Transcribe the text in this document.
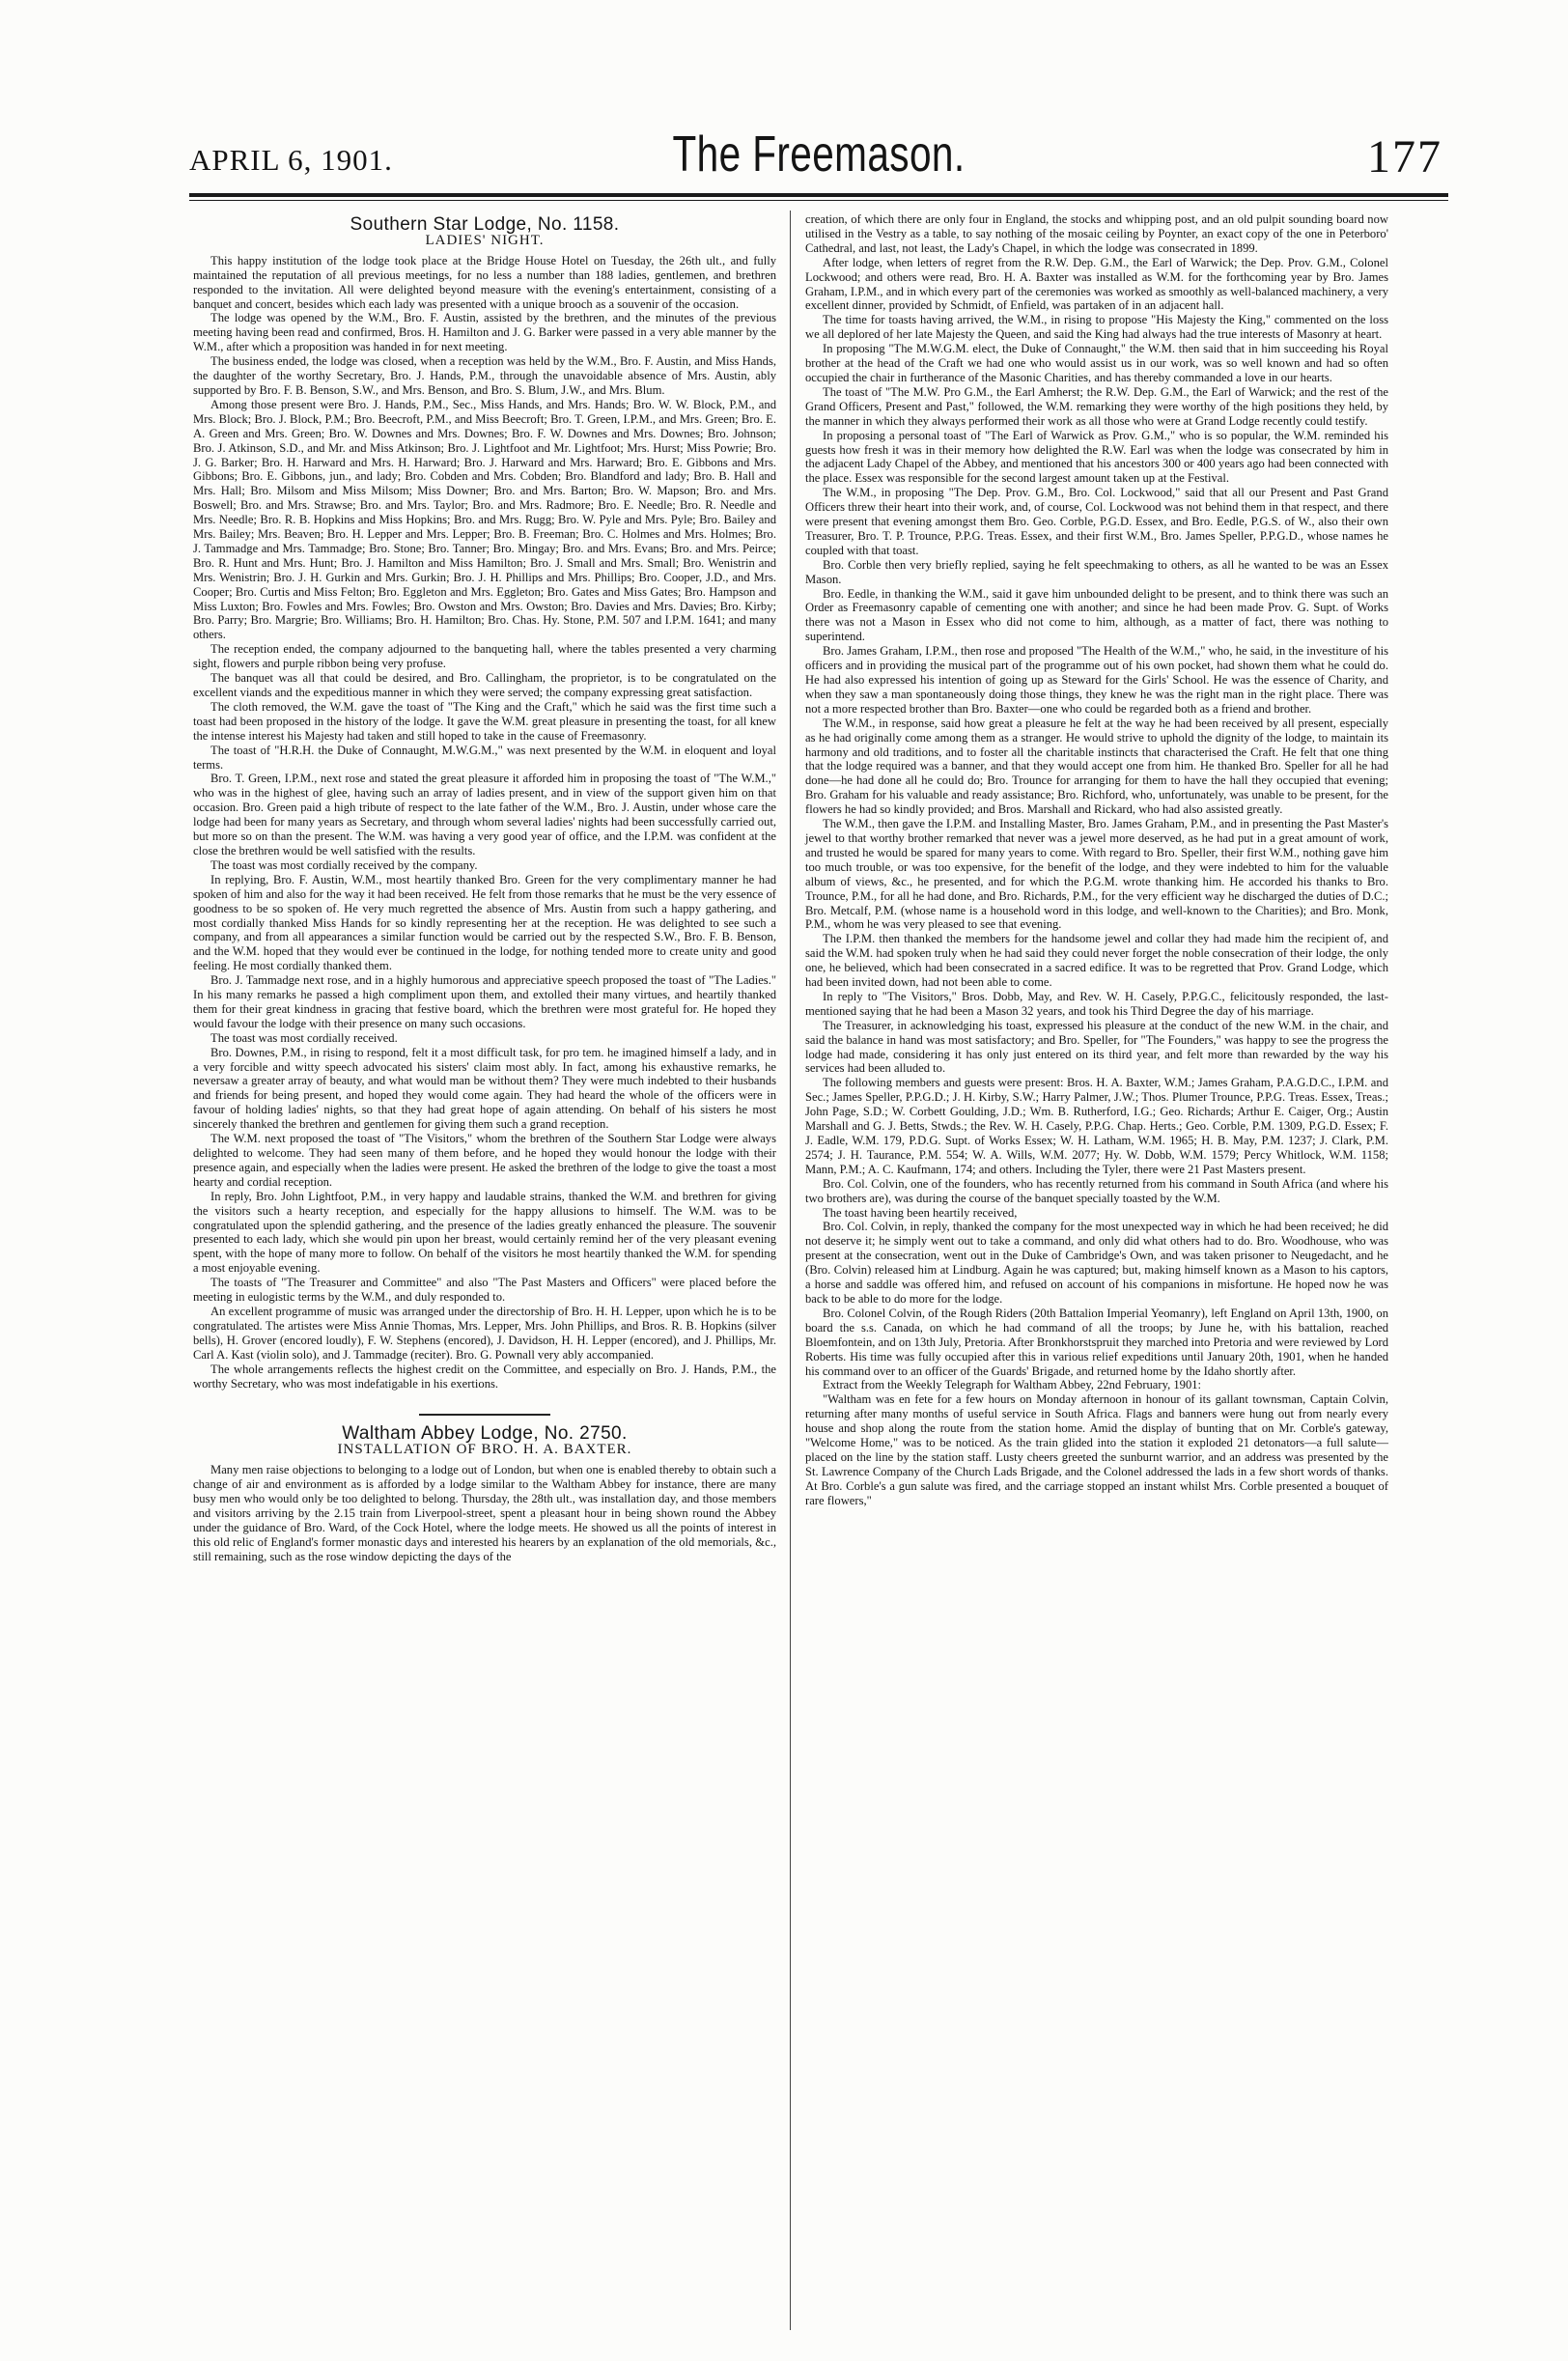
APRIL 6, 1901.	The Freemason.	177
Southern Star Lodge, No. 1158.
LADIES' NIGHT.

This happy institution of the lodge took place at the Bridge House Hotel on Tuesday, the 26th ult., and fully maintained the reputation of all previous meetings, for no less a number than 188 ladies, gentlemen, and brethren responded to the invitation. All were delighted beyond measure with the evening's entertainment, consisting of a banquet and concert, besides which each lady was presented with a unique brooch as a souvenir of the occasion.

The lodge was opened by the W.M., Bro. F. Austin, assisted by the brethren, and the minutes of the previous meeting having been read and confirmed, Bros. H. Hamilton and J. G. Barker were passed in a very able manner by the W.M., after which a proposition was handed in for next meeting.

The business ended, the lodge was closed, when a reception was held by the W.M., Bro. F. Austin, and Miss Hands, the daughter of the worthy Secretary, Bro. J. Hands, P.M., through the unavoidable absence of Mrs. Austin, ably supported by Bro. F. B. Benson, S.W., and Mrs. Benson, and Bro. S. Blum, J.W., and Mrs. Blum.

Among those present were Bro. J. Hands, P.M., Sec., Miss Hands, and Mrs. Hands; Bro. W. W. Block, P.M., and Mrs. Block; Bro. J. Block, P.M.; Bro. Beecroft, P.M., and Miss Beecroft; Bro. T. Green, I.P.M., and Mrs. Green; Bro. E. A. Green and Mrs. Green; Bro. W. Downes and Mrs. Downes; Bro. F. W. Downes and Mrs. Downes; Bro. Johnson; Bro. J. Atkinson, S.D., and Mr. and Miss Atkinson; Bro. J. Lightfoot and Mr. Lightfoot; Mrs. Hurst; Miss Powrie; Bro. J. G. Barker; Bro. H. Harward and Mrs. H. Harward; Bro. J. Harward and Mrs. Harward; Bro. E. Gibbons and Mrs. Gibbons; Bro. E. Gibbons, jun., and lady; Bro. Cobden and Mrs. Cobden; Bro. Blandford and lady; Bro. B. Hall and Mrs. Hall; Bro. Milsom and Miss Milsom; Miss Downer; Bro. and Mrs. Barton; Bro. W. Mapson; Bro. and Mrs. Boswell; Bro. and Mrs. Strawse; Bro. and Mrs. Taylor; Bro. and Mrs. Radmore; Bro. E. Needle; Bro. R. Needle and Mrs. Needle; Bro. R. B. Hopkins and Miss Hopkins; Bro. and Mrs. Rugg; Bro. W. Pyle and Mrs. Pyle; Bro. Bailey and Mrs. Bailey; Mrs. Beaven; Bro. H. Lepper and Mrs. Lepper; Bro. B. Freeman; Bro. C. Holmes and Mrs. Holmes; Bro. J. Tammadge and Mrs. Tammadge; Bro. Stone; Bro. Tanner; Bro. Mingay; Bro. and Mrs. Evans; Bro. and Mrs. Peirce; Bro. R. Hunt and Mrs. Hunt; Bro. J. Hamilton and Miss Hamilton; Bro. J. Small and Mrs. Small; Bro. Wenistrin and Mrs. Wenistrin; Bro. J. H. Gurkin and Mrs. Gurkin; Bro. J. H. Phillips and Mrs. Phillips; Bro. Cooper, J.D., and Mrs. Cooper; Bro. Curtis and Miss Felton; Bro. Eggleton and Mrs. Eggleton; Bro. Gates and Miss Gates; Bro. Hampson and Miss Luxton; Bro. Fowles and Mrs. Fowles; Bro. Owston and Mrs. Owston; Bro. Davies and Mrs. Davies; Bro. Kirby; Bro. Parry; Bro. Margrie; Bro. Williams; Bro. H. Hamilton; Bro. Chas. Hy. Stone, P.M. 507 and I.P.M. 1641; and many others.

The reception ended, the company adjourned to the banqueting hall, where the tables presented a very charming sight, flowers and purple ribbon being very profuse.

The banquet was all that could be desired, and Bro. Callingham, the proprietor, is to be congratulated on the excellent viands and the expeditious manner in which they were served; the company expressing great satisfaction.

The cloth removed, the W.M. gave the toast of "The King and the Craft," which he said was the first time such a toast had been proposed in the history of the lodge. It gave the W.M. great pleasure in presenting the toast, for all knew the intense interest his Majesty had taken and still hoped to take in the cause of Freemasonry.

The toast of "H.R.H. the Duke of Connaught, M.W.G.M.," was next presented by the W.M. in eloquent and loyal terms.

Bro. T. Green, I.P.M., next rose and stated the great pleasure it afforded him in proposing the toast of "The W.M.," who was in the highest of glee, having such an array of ladies present, and in view of the support given him on that occasion. Bro. Green paid a high tribute of respect to the late father of the W.M., Bro. J. Austin, under whose care the lodge had been for many years as Secretary, and through whom several ladies' nights had been successfully carried out, but more so on than the present. The W.M. was having a very good year of office, and the I.P.M. was confident at the close the brethren would be well satisfied with the results.

The toast was most cordially received by the company.

In replying, Bro. F. Austin, W.M., most heartily thanked Bro. Green for the very complimentary manner he had spoken of him and also for the way it had been received. He felt from those remarks that he must be the very essence of goodness to be so spoken of. He very much regretted the absence of Mrs. Austin from such a happy gathering, and most cordially thanked Miss Hands for so kindly representing her at the reception. He was delighted to see such a company, and from all appearances a similar function would be carried out by the respected S.W., Bro. F. B. Benson, and the W.M. hoped that they would ever be continued in the lodge, for nothing tended more to create unity and good feeling. He most cordially thanked them.

Bro. J. Tammadge next rose, and in a highly humorous and appreciative speech proposed the toast of "The Ladies." In his many remarks he passed a high compliment upon them, and extolled their many virtues, and heartily thanked them for their great kindness in gracing that festive board, which the brethren were most grateful for. He hoped they would favour the lodge with their presence on many such occasions.

The toast was most cordially received.

Bro. Downes, P.M., in rising to respond, felt it a most difficult task, for pro tem. he imagined himself a lady, and in a very forcible and witty speech advocated his sisters' claim most ably. In fact, among his exhaustive remarks, he neversaw a greater array of beauty, and what would man be without them? They were much indebted to their husbands and friends for being present, and hoped they would come again. They had heard the whole of the officers were in favour of holding ladies' nights, so that they had great hope of again attending. On behalf of his sisters he most sincerely thanked the brethren and gentlemen for giving them such a grand reception.

The W.M. next proposed the toast of "The Visitors," whom the brethren of the Southern Star Lodge were always delighted to welcome. They had seen many of them before, and he hoped they would honour the lodge with their presence again, and especially when the ladies were present. He asked the brethren of the lodge to give the toast a most hearty and cordial reception.

In reply, Bro. John Lightfoot, P.M., in very happy and laudable strains, thanked the W.M. and brethren for giving the visitors such a hearty reception, and especially for the happy allusions to himself. The W.M. was to be congratulated upon the splendid gathering, and the presence of the ladies greatly enhanced the pleasure. The souvenir presented to each lady, which she would pin upon her breast, would certainly remind her of the very pleasant evening spent, with the hope of many more to follow. On behalf of the visitors he most heartily thanked the W.M. for spending a most enjoyable evening.

The toasts of "The Treasurer and Committee" and also "The Past Masters and Officers" were placed before the meeting in eulogistic terms by the W.M., and duly responded to.

An excellent programme of music was arranged under the directorship of Bro. H. H. Lepper, upon which he is to be congratulated. The artistes were Miss Annie Thomas, Mrs. Lepper, Mrs. John Phillips, and Bros. R. B. Hopkins (silver bells), H. Grover (encored loudly), F. W. Stephens (encored), J. Davidson, H. H. Lepper (encored), and J. Phillips, Mr. Carl A. Kast (violin solo), and J. Tammadge (reciter). Bro. G. Pownall very ably accompanied.

The whole arrangements reflects the highest credit on the Committee, and especially on Bro. J. Hands, P.M., the worthy Secretary, who was most indefatigable in his exertions.

Waltham Abbey Lodge, No. 2750.
INSTALLATION OF BRO. H. A. BAXTER.

Many men raise objections to belonging to a lodge out of London, but when one is enabled thereby to obtain such a change of air and environment as is afforded by a lodge similar to the Waltham Abbey for instance, there are many busy men who would only be too delighted to belong. Thursday, the 28th ult., was installation day, and those members and visitors arriving by the 2.15 train from Liverpool-street, spent a pleasant hour in being shown round the Abbey under the guidance of Bro. Ward, of the Cock Hotel, where the lodge meets. He showed us all the points of interest in this old relic of England's former monastic days and interested his hearers by an explanation of the old memorials, &c., still remaining, such as the rose window depicting the days of the

creation, of which there are only four in England, the stocks and whipping post, and an old pulpit sounding board now utilised in the Vestry as a table, to say nothing of the mosaic ceiling by Poynter, an exact copy of the one in Peterboro' Cathedral, and last, not least, the Lady's Chapel, in which the lodge was consecrated in 1899.

After lodge, when letters of regret from the R.W. Dep. G.M., the Earl of Warwick; the Dep. Prov. G.M., Colonel Lockwood; and others were read, Bro. H. A. Baxter was installed as W.M. for the forthcoming year by Bro. James Graham, I.P.M., and in which every part of the ceremonies was worked as smoothly as well-balanced machinery, a very excellent dinner, provided by Schmidt, of Enfield, was partaken of in an adjacent hall.

The time for toasts having arrived, the W.M., in rising to propose "His Majesty the King," commented on the loss we all deplored of her late Majesty the Queen, and said the King had always had the true interests of Masonry at heart.

In proposing "The M.W.G.M. elect, the Duke of Connaught," the W.M. then said that in him succeeding his Royal brother at the head of the Craft we had one who would assist us in our work, was so well known and had so often occupied the chair in furtherance of the Masonic Charities, and has thereby commanded a love in our hearts.

The toast of "The M.W. Pro G.M., the Earl Amherst; the R.W. Dep. G.M., the Earl of Warwick; and the rest of the Grand Officers, Present and Past," followed, the W.M. remarking they were worthy of the high positions they held, by the manner in which they always performed their work as all those who were at Grand Lodge recently could testify.

In proposing a personal toast of "The Earl of Warwick as Prov. G.M.," who is so popular, the W.M. reminded his guests how fresh it was in their memory how delighted the R.W. Earl was when the lodge was consecrated by him in the adjacent Lady Chapel of the Abbey, and mentioned that his ancestors 300 or 400 years ago had been connected with the place. Essex was responsible for the second largest amount taken up at the Festival.

The W.M., in proposing "The Dep. Prov. G.M., Bro. Col. Lockwood," said that all our Present and Past Grand Officers threw their heart into their work, and, of course, Col. Lockwood was not behind them in that respect, and there were present that evening amongst them Bro. Geo. Corble, P.G.D. Essex, and Bro. Eedle, P.G.S. of W., also their own Treasurer, Bro. T. P. Trounce, P.P.G. Treas. Essex, and their first W.M., Bro. James Speller, P.P.G.D., whose names he coupled with that toast.

Bro. Corble then very briefly replied, saying he felt speechmaking to others, as all he wanted to be was an Essex Mason.

Bro. Eedle, in thanking the W.M., said it gave him unbounded delight to be present, and to think there was such an Order as Freemasonry capable of cementing one with another; and since he had been made Prov. G. Supt. of Works there was not a Mason in Essex who did not come to him, although, as a matter of fact, there was nothing to superintend.

Bro. James Graham, I.P.M., then rose and proposed "The Health of the W.M.," who, he said, in the investiture of his officers and in providing the musical part of the programme out of his own pocket, had shown them what he could do. He had also expressed his intention of going up as Steward for the Girls' School. He was the essence of Charity, and when they saw a man spontaneously doing those things, they knew he was the right man in the right place. There was not a more respected brother than Bro. Baxter—one who could be regarded both as a friend and brother.

The W.M., in response, said how great a pleasure he felt at the way he had been received by all present, especially as he had originally come among them as a stranger. He would strive to uphold the dignity of the lodge, to maintain its harmony and old traditions, and to foster all the charitable instincts that characterised the Craft. He felt that one thing that the lodge required was a banner, and that they would accept one from him. He thanked Bro. Speller for all he had done—he had done all he could do; Bro. Trounce for arranging for them to have the hall they occupied that evening; Bro. Graham for his valuable and ready assistance; Bro. Richford, who, unfortunately, was unable to be present, for the flowers he had so kindly provided; and Bros. Marshall and Rickard, who had also assisted greatly.

The W.M., then gave the I.P.M. and Installing Master, Bro. James Graham, P.M., and in presenting the Past Master's jewel to that worthy brother remarked that never was a jewel more deserved, as he had put in a great amount of work, and trusted he would be spared for many years to come. With regard to Bro. Speller, their first W.M., nothing gave him too much trouble, or was too expensive, for the benefit of the lodge, and they were indebted to him for the valuable album of views, &c., he presented, and for which the P.G.M. wrote thanking him. He accorded his thanks to Bro. Trounce, P.M., for all he had done, and Bro. Richards, P.M., for the very efficient way he discharged the duties of D.C.; Bro. Metcalf, P.M. (whose name is a household word in this lodge, and well-known to the Charities); and Bro. Monk, P.M., whom he was very pleased to see that evening.

The I.P.M. then thanked the members for the handsome jewel and collar they had made him the recipient of, and said the W.M. had spoken truly when he had said they could never forget the noble consecration of their lodge, the only one, he believed, which had been consecrated in a sacred edifice. It was to be regretted that Prov. Grand Lodge, which had been invited down, had not been able to come.

In reply to "The Visitors," Bros. Dobb, May, and Rev. W. H. Casely, P.P.G.C., felicitously responded, the last-mentioned saying that he had been a Mason 32 years, and took his Third Degree the day of his marriage.

The Treasurer, in acknowledging his toast, expressed his pleasure at the conduct of the new W.M. in the chair, and said the balance in hand was most satisfactory; and Bro. Speller, for "The Founders," was happy to see the progress the lodge had made, considering it has only just entered on its third year, and felt more than rewarded by the way his services had been alluded to.

The following members and guests were present: Bros. H. A. Baxter, W.M.; James Graham, P.A.G.D.C., I.P.M. and Sec.; James Speller, P.P.G.D.; J. H. Kirby, S.W.; Harry Palmer, J.W.; Thos. Plumer Trounce, P.P.G. Treas. Essex, Treas.; John Page, S.D.; W. Corbett Goulding, J.D.; Wm. B. Rutherford, I.G.; Geo. Richards; Arthur E. Caiger, Org.; Austin Marshall and G. J. Betts, Stwds.; the Rev. W. H. Casely, P.P.G. Chap. Herts.; Geo. Corble, P.M. 1309, P.G.D. Essex; F. J. Eadle, W.M. 179, P.D.G. Supt. of Works Essex; W. H. Latham, W.M. 1965; H. B. May, P.M. 1237; J. Clark, P.M. 2574; J. H. Taurance, P.M. 554; W. A. Wills, W.M. 2077; Hy. W. Dobb, W.M. 1579; Percy Whitlock, W.M. 1158; Mann, P.M.; A. C. Kaufmann, 174; and others. Including the Tyler, there were 21 Past Masters present.

Bro. Col. Colvin, one of the founders, who has recently returned from his command in South Africa (and where his two brothers are), was during the course of the banquet specially toasted by the W.M.

The toast having been heartily received,

Bro. Col. Colvin, in reply, thanked the company for the most unexpected way in which he had been received; he did not deserve it; he simply went out to take a command, and only did what others had to do. Bro. Woodhouse, who was present at the consecration, went out in the Duke of Cambridge's Own, and was taken prisoner to Neugedacht, and he (Bro. Colvin) released him at Lindburg. Again he was captured; but, making himself known as a Mason to his captors, a horse and saddle was offered him, and refused on account of his companions in misfortune. He hoped now he was back to be able to do more for the lodge.

Bro. Colonel Colvin, of the Rough Riders (20th Battalion Imperial Yeomanry), left England on April 13th, 1900, on board the s.s. Canada, on which he had command of all the troops; by June he, with his battalion, reached Bloemfontein, and on 13th July, Pretoria. After Bronkhorstspruit they marched into Pretoria and were reviewed by Lord Roberts. His time was fully occupied after this in various relief expeditions until January 20th, 1901, when he handed his command over to an officer of the Guards' Brigade, and returned home by the Idaho shortly after.

Extract from the Weekly Telegraph for Waltham Abbey, 22nd February, 1901:

"Waltham was en fete for a few hours on Monday afternoon in honour of its gallant townsman, Captain Colvin, returning after many months of useful service in South Africa. Flags and banners were hung out from nearly every house and shop along the route from the station home. Amid the display of bunting that on Mr. Corble's gateway, "Welcome Home," was to be noticed. As the train glided into the station it exploded 21 detonators—a full salute—placed on the line by the station staff. Lusty cheers greeted the sunburnt warrior, and an address was presented by the St. Lawrence Company of the Church Lads Brigade, and the Colonel addressed the lads in a few short words of thanks. At Bro. Corble's a gun salute was fired, and the carriage stopped an instant whilst Mrs. Corble presented a bouquet of rare flowers,"
